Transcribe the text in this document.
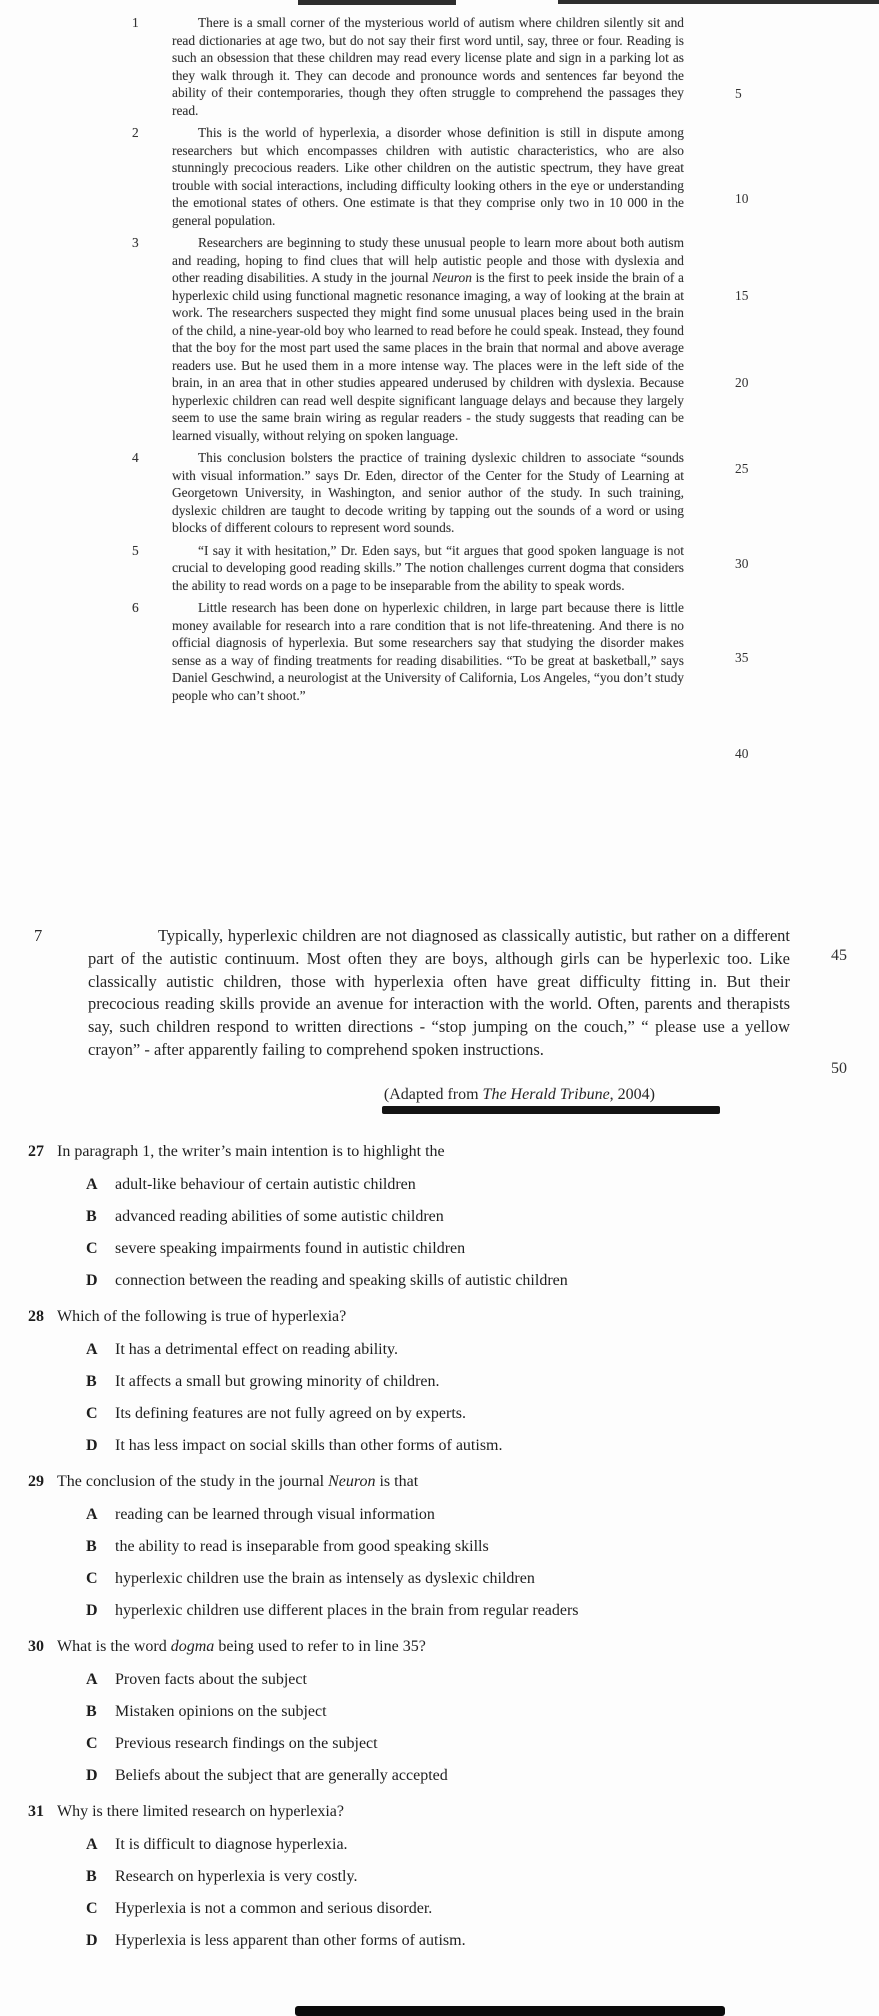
1	There is a small corner of the mysterious world of autism where children silently sit and read dictionaries at age two, but do not say their first word until, say, three or four. Reading is such an obsession that these children may read every license plate and sign in a parking lot as they walk through it. They can decode and pronounce words and sentences far beyond the ability of their contemporaries, though they often struggle to comprehend the passages they read.

2	This is the world of hyperlexia, a disorder whose definition is still in dispute among researchers but which encompasses children with autistic characteristics, who are also stunningly precocious readers. Like other children on the autistic spectrum, they have great trouble with social interactions, including difficulty looking others in the eye or understanding the emotional states of others. One estimate is that they comprise only two in 10 000 in the general population.

3	Researchers are beginning to study these unusual people to learn more about both autism and reading, hoping to find clues that will help autistic people and those with dyslexia and other reading disabilities. A study in the journal Neuron is the first to peek inside the brain of a hyperlexic child using functional magnetic resonance imaging, a way of looking at the brain at work. The researchers suspected they might find some unusual places being used in the brain of the child, a nine-year-old boy who learned to read before he could speak. Instead, they found that the boy for the most part used the same places in the brain that normal and above average readers use. But he used them in a more intense way. The places were in the left side of the brain, in an area that in other studies appeared underused by children with dyslexia. Because hyperlexic children can read well despite significant language delays and because they largely seem to use the same brain wiring as regular readers - the study suggests that reading can be learned visually, without relying on spoken language.

4	This conclusion bolsters the practice of training dyslexic children to associate “sounds with visual information.” says Dr. Eden, director of the Center for the Study of Learning at Georgetown University, in Washington, and senior author of the study. In such training, dyslexic children are taught to decode writing by tapping out the sounds of a word or using blocks of different colours to represent word sounds.

5	“I say it with hesitation,” Dr. Eden says, but “it argues that good spoken language is not crucial to developing good reading skills.” The notion challenges current dogma that considers the ability to read words on a page to be inseparable from the ability to speak words.

6	Little research has been done on hyperlexic children, in large part because there is little money available for research into a rare condition that is not life-threatening. And there is no official diagnosis of hyperlexia. But some researchers say that studying the disorder makes sense as a way of finding treatments for reading disabilities. “To be great at basketball,” says Daniel Geschwind, a neurologist at the University of California, Los Angeles, “you don’t study people who can’t shoot.”

7	Typically, hyperlexic children are not diagnosed as classically autistic, but rather on a different part of the autistic continuum. Most often they are boys, although girls can be hyperlexic too. Like classically autistic children, those with hyperlexia often have great difficulty fitting in. But their precocious reading skills provide an avenue for interaction with the world. Often, parents and therapists say, such children respond to written directions - “stop jumping on the couch,” “ please use a yellow crayon” - after apparently failing to comprehend spoken instructions.

5
10
15
20
25
30
35
40
45
50

(Adapted from The Herald Tribune, 2004)

27 In paragraph 1, the writer’s main intention is to highlight the

A	adult-like behaviour of certain autistic children
B	advanced reading abilities of some autistic children
C	severe speaking impairments found in autistic children
D	connection between the reading and speaking skills of autistic children
28 Which of the following is true of hyperlexia?

A	It has a detrimental effect on reading ability.
B	It affects a small but growing minority of children.
C	Its defining features are not fully agreed on by experts.
D	It has less impact on social skills than other forms of autism.
29 The conclusion of the study in the journal Neuron is that

A	reading can be learned through visual information
B	the ability to read is inseparable from good speaking skills
C	hyperlexic children use the brain as intensely as dyslexic children
D	hyperlexic children use different places in the brain from regular readers
30 What is the word dogma being used to refer to in line 35?

A	Proven facts about the subject
B	Mistaken opinions on the subject
C	Previous research findings on the subject
D	Beliefs about the subject that are generally accepted
31 Why is there limited research on hyperlexia?

A	It is difficult to diagnose hyperlexia.
B	Research on hyperlexia is very costly.
C	Hyperlexia is not a common and serious disorder.
D	Hyperlexia is less apparent than other forms of autism.
